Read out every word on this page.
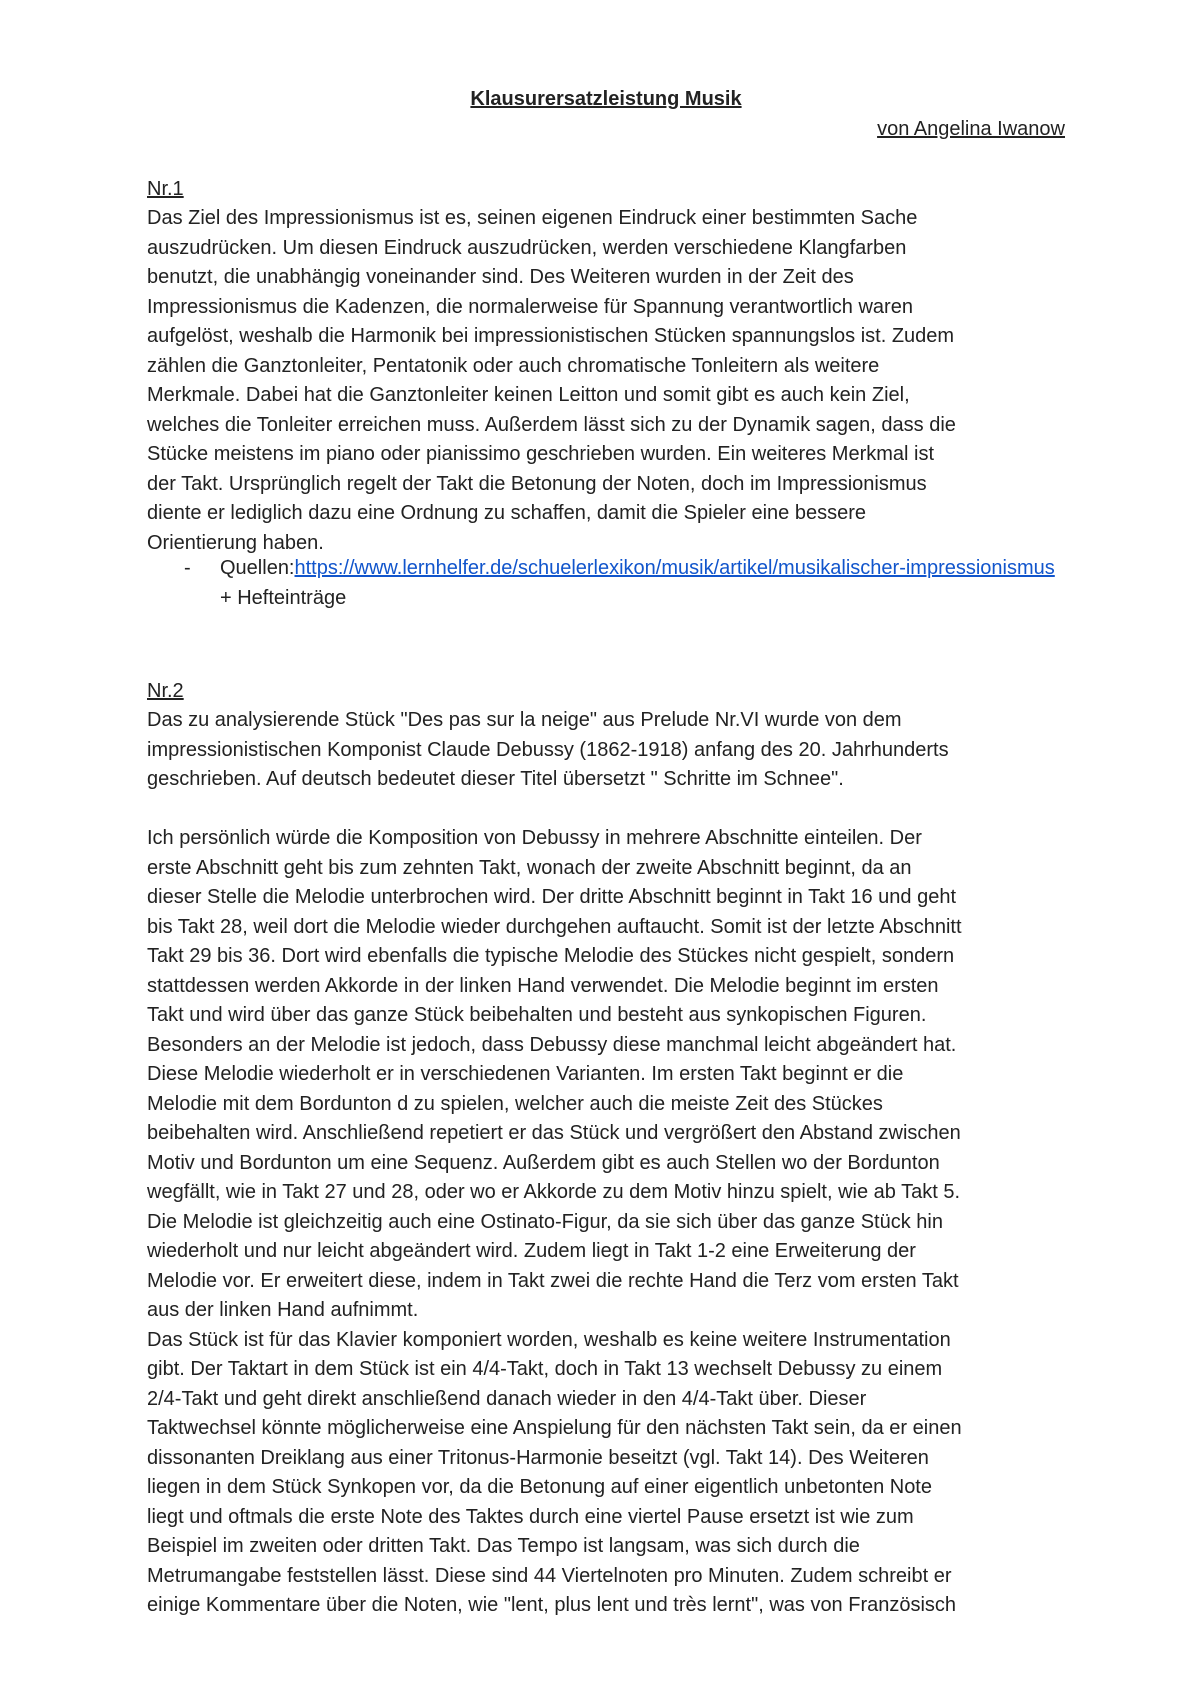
Klausurersatzleistung Musik
von Angelina Iwanow
Nr.1

Das Ziel des Impressionismus ist es, seinen eigenen Eindruck einer bestimmten Sache
auszudrücken. Um diesen Eindruck auszudrücken, werden verschiedene Klangfarben
benutzt, die unabhängig voneinander sind. Des Weiteren wurden in der Zeit des
Impressionismus die Kadenzen, die normalerweise für Spannung verantwortlich waren
aufgelöst, weshalb die Harmonik bei impressionistischen Stücken spannungslos ist. Zudem
zählen die Ganztonleiter, Pentatonik oder auch chromatische Tonleitern als weitere
Merkmale. Dabei hat die Ganztonleiter keinen Leitton und somit gibt es auch kein Ziel,
welches die Tonleiter erreichen muss. Außerdem lässt sich zu der Dynamik sagen, dass die
Stücke meistens im piano oder pianissimo geschrieben wurden. Ein weiteres Merkmal ist
der Takt. Ursprünglich regelt der Takt die Betonung der Noten, doch im Impressionismus
diente er lediglich dazu eine Ordnung zu schaffen, damit die Spieler eine bessere
Orientierung haben.

- Quellen:https://www.lernhelfer.de/schuelerlexikon/musik/artikel/musikalischer-impressionismus + Hefteinträge
Nr.2

Das zu analysierende Stück "Des pas sur la neige" aus Prelude Nr.VI wurde von dem
impressionistischen Komponist Claude Debussy (1862-1918) anfang des 20. Jahrhunderts
geschrieben. Auf deutsch bedeutet dieser Titel übersetzt " Schritte im Schnee".

Ich persönlich würde die Komposition von Debussy in mehrere Abschnitte einteilen. Der
erste Abschnitt geht bis zum zehnten Takt, wonach der zweite Abschnitt beginnt, da an
dieser Stelle die Melodie unterbrochen wird. Der dritte Abschnitt beginnt in Takt 16 und geht
bis Takt 28, weil dort die Melodie wieder durchgehen auftaucht. Somit ist der letzte Abschnitt
Takt 29 bis 36. Dort wird ebenfalls die typische Melodie des Stückes nicht gespielt, sondern
stattdessen werden Akkorde in der linken Hand verwendet. Die Melodie beginnt im ersten
Takt und wird über das ganze Stück beibehalten und besteht aus synkopischen Figuren.
Besonders an der Melodie ist jedoch, dass Debussy diese manchmal leicht abgeändert hat.
Diese Melodie wiederholt er in verschiedenen Varianten. Im ersten Takt beginnt er die
Melodie mit dem Bordunton d zu spielen, welcher auch die meiste Zeit des Stückes
beibehalten wird. Anschließend repetiert er das Stück und vergrößert den Abstand zwischen
Motiv und Bordunton um eine Sequenz. Außerdem gibt es auch Stellen wo der Bordunton
wegfällt, wie in Takt 27 und 28, oder wo er Akkorde zu dem Motiv hinzu spielt, wie ab Takt 5.
Die Melodie ist gleichzeitig auch eine Ostinato-Figur, da sie sich über das ganze Stück hin
wiederholt und nur leicht abgeändert wird. Zudem liegt in Takt 1-2 eine Erweiterung der
Melodie vor. Er erweitert diese, indem in Takt zwei die rechte Hand die Terz vom ersten Takt
aus der linken Hand aufnimmt.
Das Stück ist für das Klavier komponiert worden, weshalb es keine weitere Instrumentation
gibt. Der Taktart in dem Stück ist ein 4/4-Takt, doch in Takt 13 wechselt Debussy zu einem
2/4-Takt und geht direkt anschließend danach wieder in den 4/4-Takt über. Dieser
Taktwechsel könnte möglicherweise eine Anspielung für den nächsten Takt sein, da er einen
dissonanten Dreiklang aus einer Tritonus-Harmonie beseitzt (vgl. Takt 14). Des Weiteren
liegen in dem Stück Synkopen vor, da die Betonung auf einer eigentlich unbetonten Note
liegt und oftmals die erste Note des Taktes durch eine viertel Pause ersetzt ist wie zum
Beispiel im zweiten oder dritten Takt. Das Tempo ist langsam, was sich durch die
Metrumangabe feststellen lässt. Diese sind 44 Viertelnoten pro Minuten. Zudem schreibt er
einige Kommentare über die Noten, wie "lent, plus lent und très lernt", was von Französisch
